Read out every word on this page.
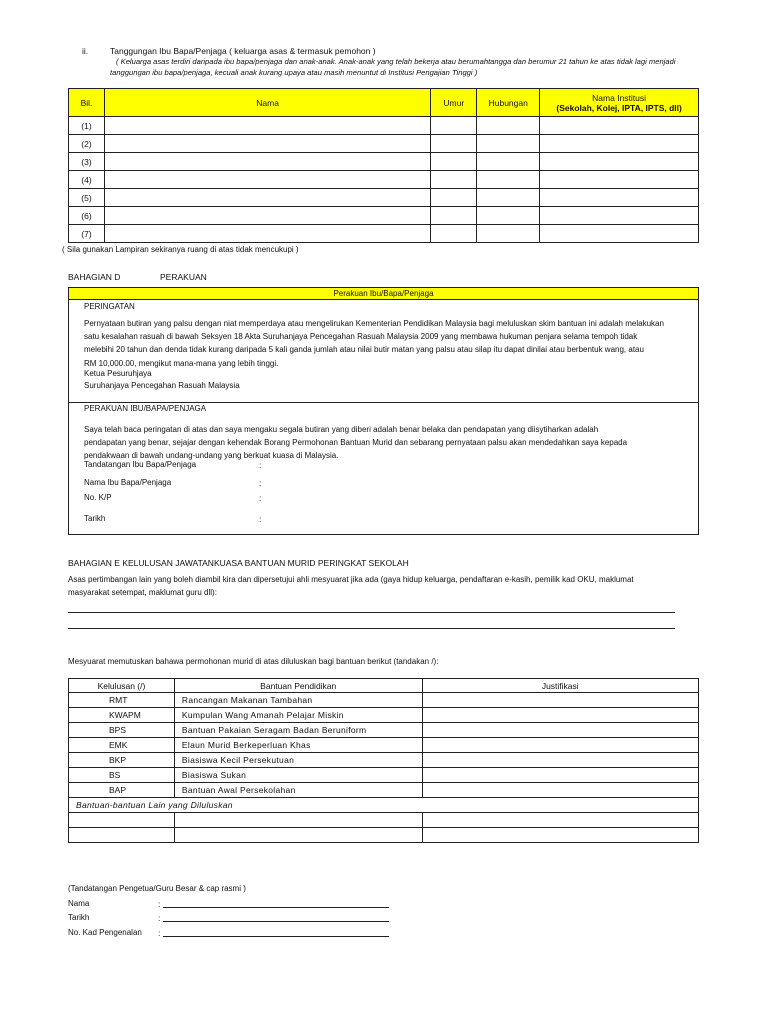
ii.	Tanggungan Ibu Bapa/Penjaga ( keluarga asas & termasuk pemohon )
( Keluarga asas terdiri daripada ibu bapa/penjaga dan anak-anak. Anak-anak yang telah bekerja atau berumahtangga dan berumur 21 tahun ke atas tidak lagi menjadi
tanggungan ibu bapa/penjaga, kecuali anak kurang upaya atau masih menuntut di Institusi Pengajian Tinggi )
Bil.	Nama	Umur	Hubungan	Nama Institusi
(Sekolah, Kolej, IPTA, IPTS, dll)

(1)				
(2)				
(3)				
(4)				
(5)				
(6)				
(7)				
( Sila gunakan Lampiran sekiranya ruang di atas tidak mencukupi )
BAHAGIAN D	PERAKUAN
Perakuan Ibu/Bapa/Penjaga
PERINGATAN
Pernyataan butiran yang palsu dengan niat memperdaya atau mengelirukan Kementerian Pendidikan Malaysia bagi meluluskan skim bantuan ini adalah melakukan
satu kesalahan rasuah di bawah Seksyen 18 Akta Suruhanjaya Pencegahan Rasuah Malaysia 2009 yang membawa hukuman penjara selama tempoh tidak
melebihi 20 tahun dan denda tidak kurang daripada 5 kali ganda jumlah atau nilai butir matan yang palsu atau silap itu dapat dinilai atau berbentuk wang, atau
RM 10,000.00, mengikut mana-mana yang lebih tinggi.
Ketua Pesuruhjaya
Suruhanjaya Pencegahan Rasuah Malaysia
PERAKUAN IBU/BAPA/PENJAGA
Saya telah baca peringatan di atas dan saya mengaku segala butiran yang diberi adalah benar belaka dan pendapatan yang diisytiharkan adalah
pendapatan yang benar, sejajar dengan kehendak Borang Permohonan Bantuan Murid dan sebarang pernyataan palsu akan mendedahkan saya kepada
pendakwaan di bawah undang-undang yang berkuat kuasa di Malaysia.
Tandatangan Ibu Bapa/Penjaga	:
Nama Ibu Bapa/Penjaga	:
No. K/P	:
Tarikh	:
BAHAGIAN E KELULUSAN JAWATANKUASA BANTUAN MURID PERINGKAT SEKOLAH
Asas pertimbangan lain yang boleh diambil kira dan dipersetujui ahli mesyuarat jika ada (gaya hidup keluarga, pendaftaran e-kasih, pemilik kad OKU, maklumat
masyarakat setempat, maklumat guru dll):
Mesyuarat memutuskan bahawa permohonan murid di atas diluluskan bagi bantuan berikut (tandakan /):
Kelulusan (/)	Bantuan Pendidikan	Justifikasi
RMT	Rancangan Makanan Tambahan	
KWAPM	Kumpulan Wang Amanah Pelajar Miskin	
BPS	Bantuan Pakaian Seragam Badan Beruniform	
EMK	Elaun Murid Berkeperluan Khas	
BKP	Biasiswa Kecil Persekutuan	
BS	Biasiswa Sukan	
BAP	Bantuan Awal Persekolahan	
Bantuan-bantuan Lain yang Diluluskan		

(Tandatangan Pengetua/Guru Besar & cap rasmi )
Nama	:
Tarikh	:
No. Kad Pengenalan :
